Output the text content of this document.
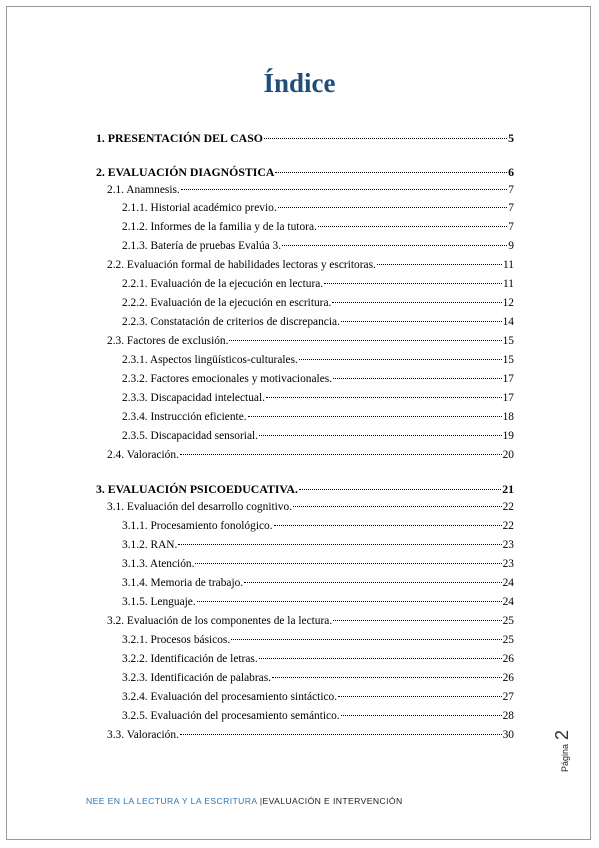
Índice
1. PRESENTACIÓN DEL CASO	5
2. EVALUACIÓN DIAGNÓSTICA	6
2.1. Anamnesis.	7
2.1.1. Historial académico previo.	7
2.1.2. Informes de la familia y de la tutora.	7
2.1.3. Batería de pruebas Evalúa 3.	9
2.2. Evaluación formal de habilidades lectoras y escritoras.	11
2.2.1. Evaluación de la ejecución en lectura.	11
2.2.2. Evaluación de la ejecución en escritura.	12
2.2.3. Constatación de criterios de discrepancia.	14
2.3. Factores de exclusión.	15
2.3.1. Aspectos lingüísticos-culturales.	15
2.3.2. Factores emocionales y motivacionales.	17
2.3.3. Discapacidad intelectual.	17
2.3.4. Instrucción eficiente.	18
2.3.5. Discapacidad sensorial.	19
2.4. Valoración.	20
3. EVALUACIÓN PSICOEDUCATIVA.	21
3.1. Evaluación del desarrollo cognitivo.	22
3.1.1. Procesamiento fonológico.	22
3.1.2. RAN.	23
3.1.3. Atención.	23
3.1.4. Memoria de trabajo.	24
3.1.5. Lenguaje.	24
3.2. Evaluación de los componentes de la lectura.	25
3.2.1. Procesos básicos.	25
3.2.2. Identificación de letras.	26
3.2.3. Identificación de palabras.	26
3.2.4. Evaluación del procesamiento sintáctico.	27
3.2.5. Evaluación del procesamiento semántico.	28
3.3. Valoración.	30
NEE EN LA LECTURA Y LA ESCRITURA |EVALUACIÓN E INTERVENCIÓN
Página
2
